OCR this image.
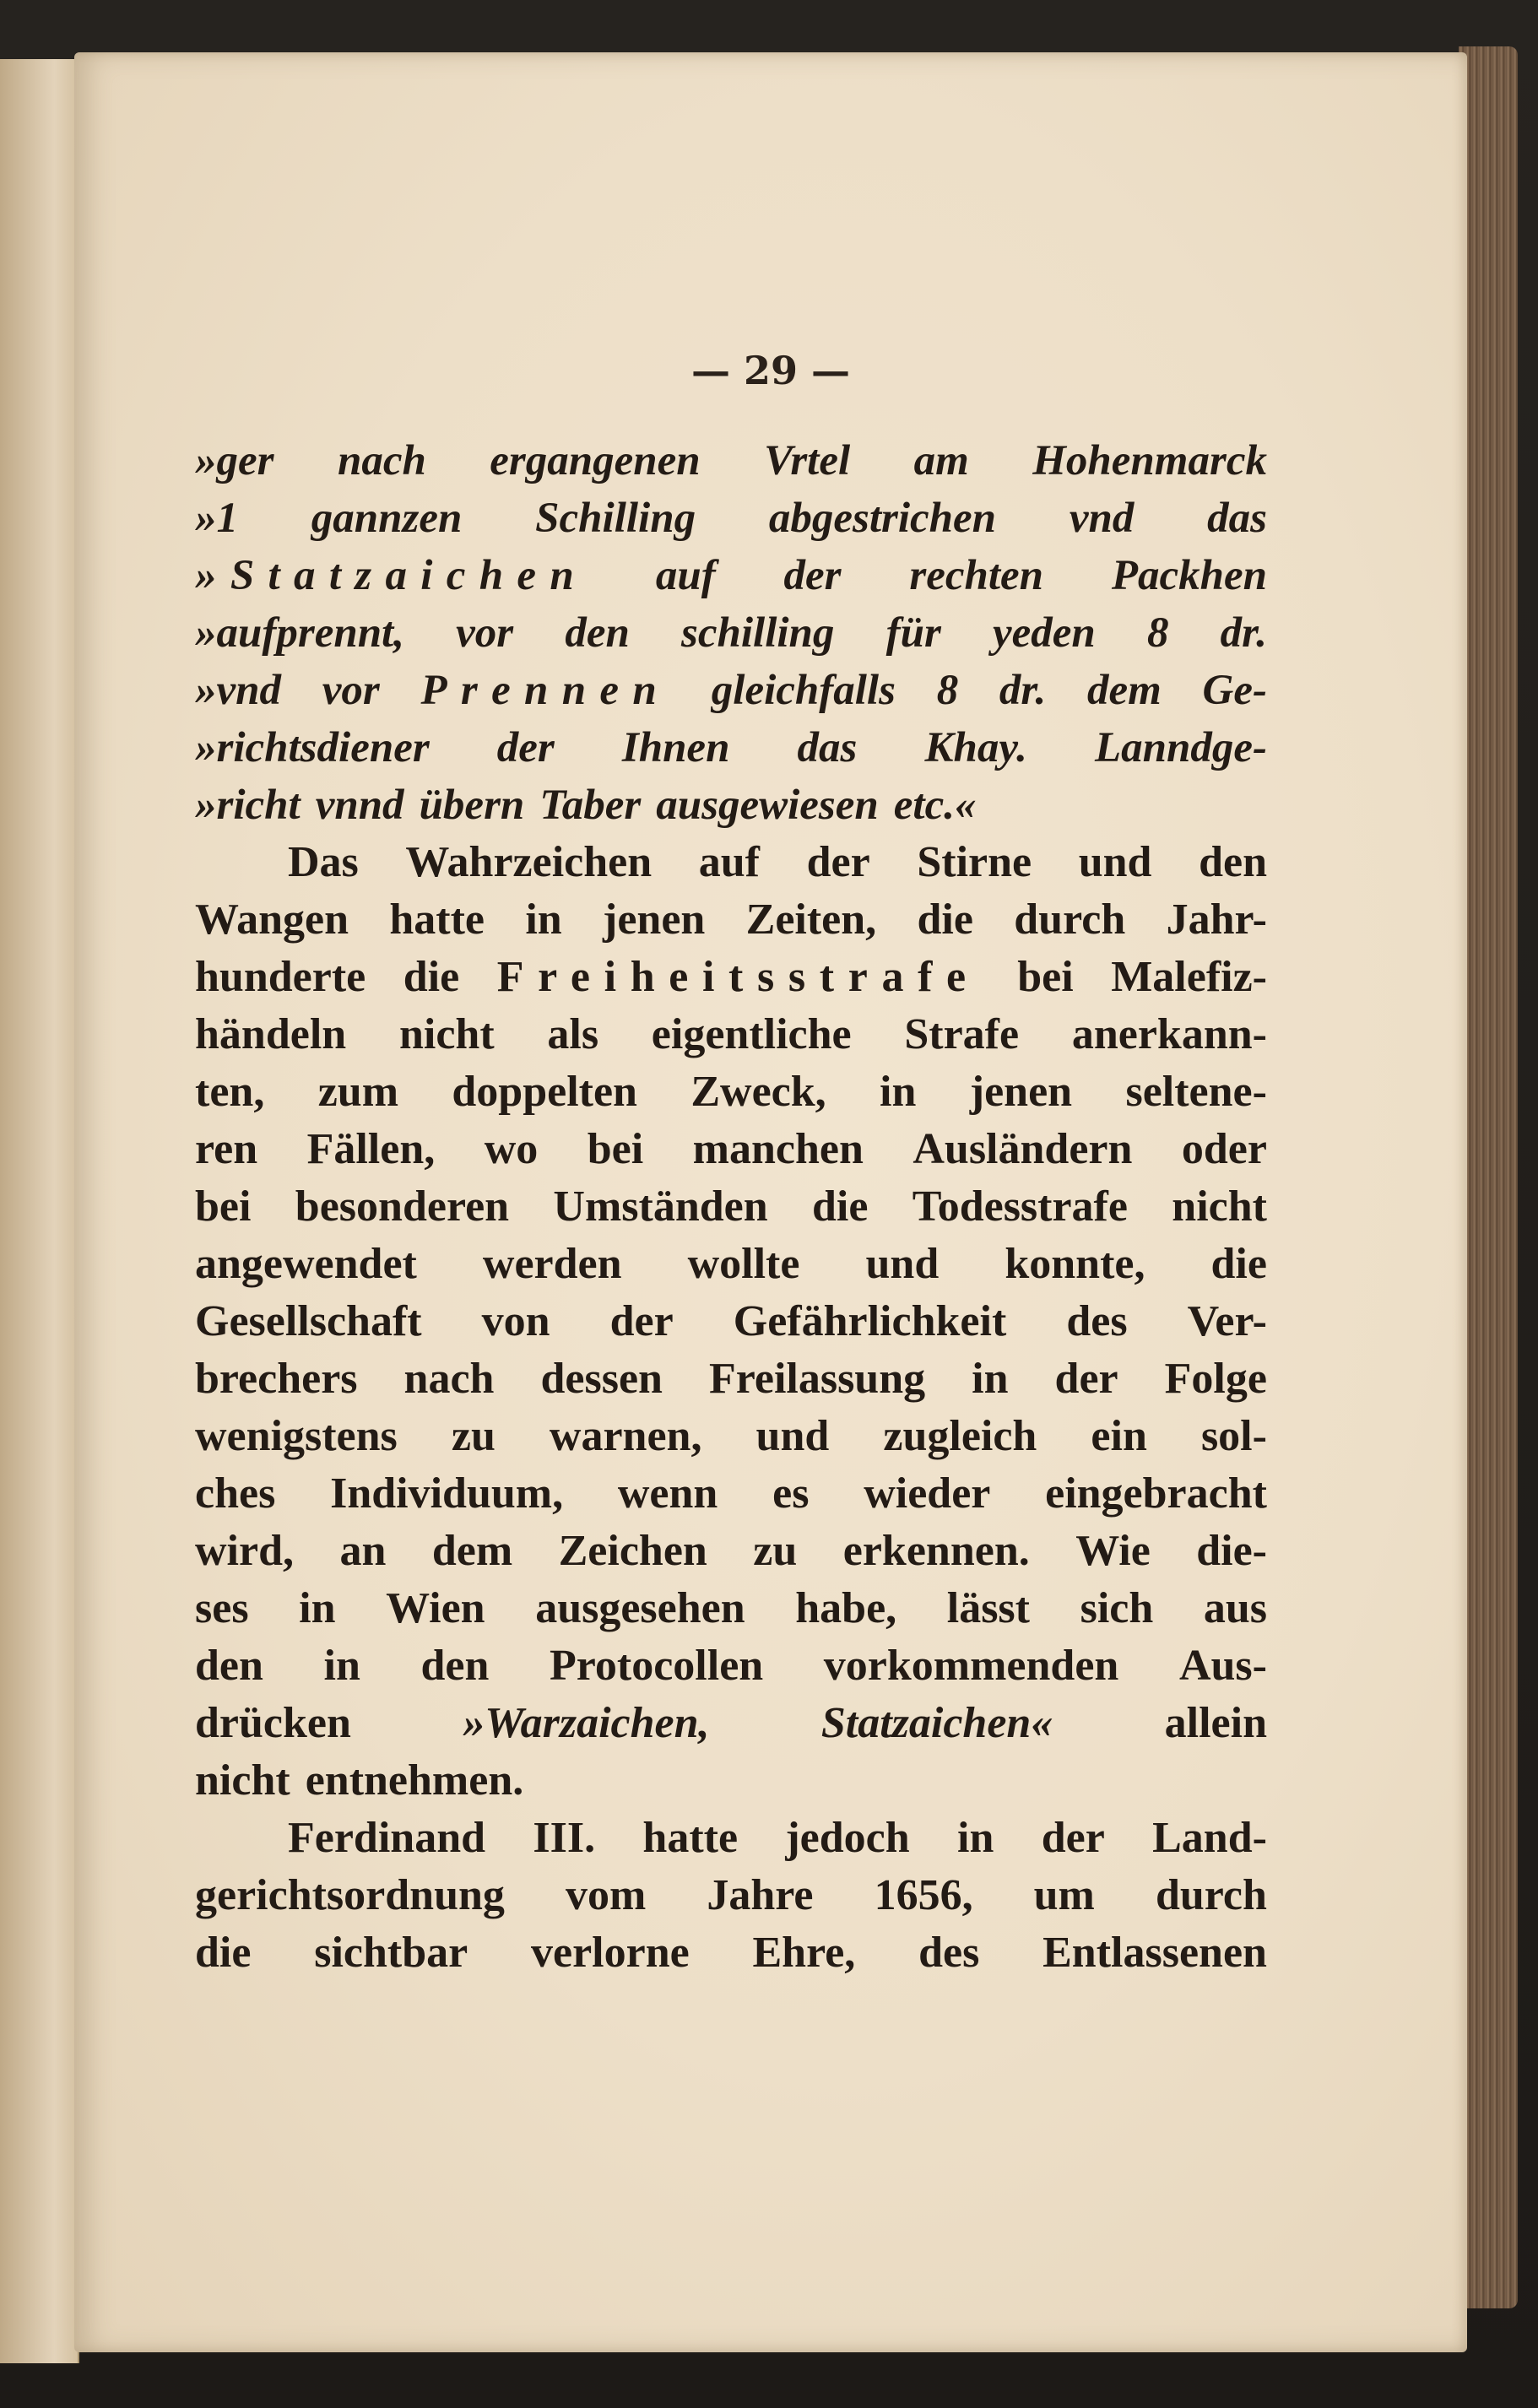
— 29 —
»ger nach ergangenen Vrtel am Hohenmarck
»1 gannzen Schilling abgestrichen vnd das
»Statzaichen auf der rechten Packhen
»aufprennt, vor den schilling für yeden 8 dr.
»vnd vor Prennen gleichfalls 8 dr. dem Ge-
»richtsdiener der Ihnen das Khay. Lanndge-
»richt vnnd übern Taber ausgewiesen etc.«
Das Wahrzeichen auf der Stirne und den
Wangen hatte in jenen Zeiten, die durch Jahr-
hunderte die Freiheitsstrafe bei Malefiz-
händeln nicht als eigentliche Strafe anerkann-
ten, zum doppelten Zweck, in jenen seltene-
ren Fällen, wo bei manchen Ausländern oder
bei besonderen Umständen die Todesstrafe nicht
angewendet werden wollte und konnte, die
Gesellschaft von der Gefährlichkeit des Ver-
brechers nach dessen Freilassung in der Folge
wenigstens zu warnen, und zugleich ein sol-
ches Individuum, wenn es wieder eingebracht
wird, an dem Zeichen zu erkennen. Wie die-
ses in Wien ausgesehen habe, lässt sich aus
den in den Protocollen vorkommenden Aus-
drücken	»Warzaichen,	Statzaichen«	allein
nicht entnehmen.
Ferdinand III. hatte jedoch in der Land-
gerichtsordnung vom Jahre 1656, um durch
die sichtbar verlorne Ehre, des Entlassenen
